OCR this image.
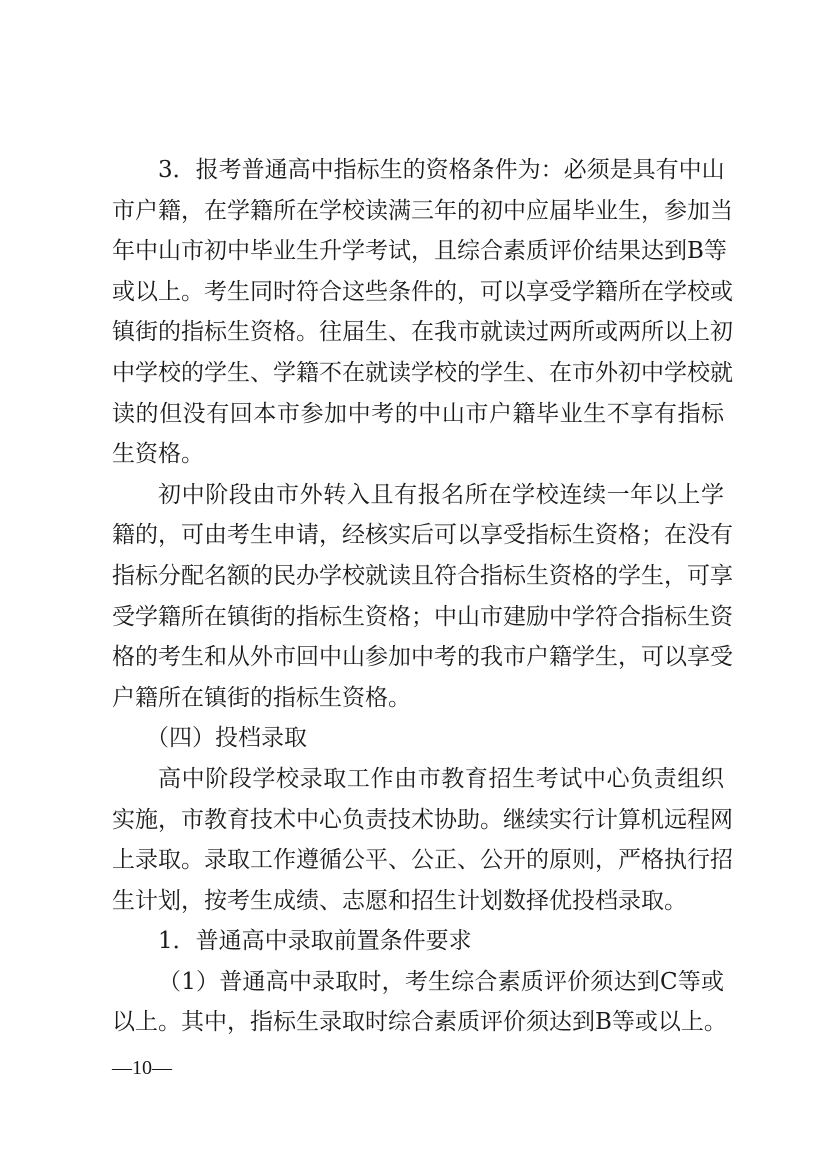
3．报考普通高中指标生的资格条件为：必须是具有中山
市户籍，在学籍所在学校读满三年的初中应届毕业生，参加当
年中山市初中毕业生升学考试，且综合素质评价结果达到B等
或以上。考生同时符合这些条件的，可以享受学籍所在学校或
镇街的指标生资格。往届生、在我市就读过两所或两所以上初
中学校的学生、学籍不在就读学校的学生、在市外初中学校就
读的但没有回本市参加中考的中山市户籍毕业生不享有指标
生资格。
初中阶段由市外转入且有报名所在学校连续一年以上学
籍的，可由考生申请，经核实后可以享受指标生资格；在没有
指标分配名额的民办学校就读且符合指标生资格的学生，可享
受学籍所在镇街的指标生资格；中山市建励中学符合指标生资
格的考生和从外市回中山参加中考的我市户籍学生，可以享受
户籍所在镇街的指标生资格。
（四）投档录取
高中阶段学校录取工作由市教育招生考试中心负责组织
实施，市教育技术中心负责技术协助。继续实行计算机远程网
上录取。录取工作遵循公平、公正、公开的原则，严格执行招
生计划，按考生成绩、志愿和招生计划数择优投档录取。
1．普通高中录取前置条件要求
（1）普通高中录取时，考生综合素质评价须达到C等或
以上。其中，指标生录取时综合素质评价须达到B等或以上。
—10—
